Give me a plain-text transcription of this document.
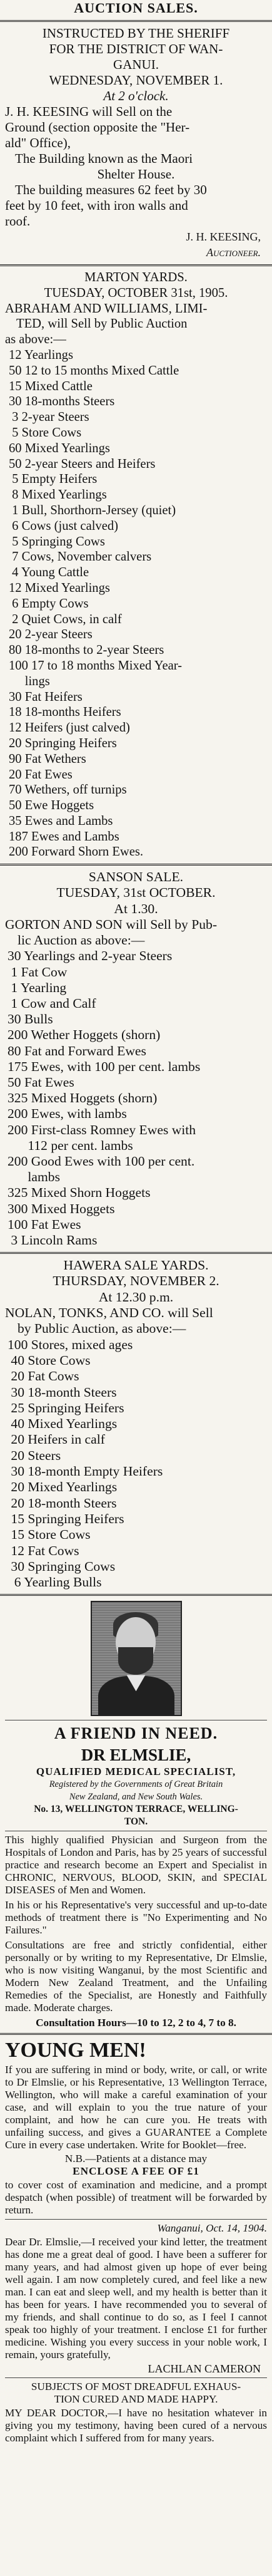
AUCTION SALES.
INSTRUCTED BY THE SHERIFF
FOR THE DISTRICT OF WAN-
GANUI.
WEDNESDAY, NOVEMBER 1.
At 2 o'clock.
J. H. KEESING will Sell on the
Ground (section opposite the "Her-
ald" Office),
The Building known as the Maori
Shelter House.
The building measures 62 feet by 30
feet by 10 feet, with iron walls and
roof.
J. H. KEESING,
Auctioneer.
MARTON YARDS.
TUESDAY, OCTOBER 31st, 1905.
ABRAHAM AND WILLIAMS, LIMI-
TED, will Sell by Public Auction
as above:—
12 Yearlings
50 12 to 15 months Mixed Cattle
15 Mixed Cattle
30 18-months Steers
3 2-year Steers
5 Store Cows
60 Mixed Yearlings
50 2-year Steers and Heifers
5 Empty Heifers
8 Mixed Yearlings
1 Bull, Shorthorn-Jersey (quiet)
6 Cows (just calved)
5 Springing Cows
7 Cows, November calvers
4 Young Cattle
12 Mixed Yearlings
6 Empty Cows
2 Quiet Cows, in calf
20 2-year Steers
80 18-months to 2-year Steers
100 17 to 18 months Mixed Year-
lings
30 Fat Heifers
18 18-months Heifers
12 Heifers (just calved)
20 Springing Heifers
90 Fat Wethers
20 Fat Ewes
70 Wethers, off turnips
50 Ewe Hoggets
35 Ewes and Lambs
187 Ewes and Lambs
200 Forward Shorn Ewes.
SANSON SALE.
TUESDAY, 31st OCTOBER.
At 1.30.
GORTON AND SON will Sell by Pub-
lic Auction as above:—
30 Yearlings and 2-year Steers
1 Fat Cow
1 Yearling
1 Cow and Calf
30 Bulls
200 Wether Hoggets (shorn)
80 Fat and Forward Ewes
175 Ewes, with 100 per cent. lambs
50 Fat Ewes
325 Mixed Hoggets (shorn)
200 Ewes, with lambs
200 First-class Romney Ewes with
112 per cent. lambs
200 Good Ewes with 100 per cent.
lambs
325 Mixed Shorn Hoggets
300 Mixed Hoggets
100 Fat Ewes
3 Lincoln Rams
HAWERA SALE YARDS.
THURSDAY, NOVEMBER 2.
At 12.30 p.m.
NOLAN, TONKS, AND CO. will Sell
by Public Auction, as above:—
100 Stores, mixed ages
40 Store Cows
20 Fat Cows
30 18-month Steers
25 Springing Heifers
40 Mixed Yearlings
20 Heifers in calf
20 Steers
30 18-month Empty Heifers
20 Mixed Yearlings
20 18-month Steers
15 Springing Heifers
15 Store Cows
12 Fat Cows
30 Springing Cows
6 Yearling Bulls
A FRIEND IN NEED.
DR ELMSLIE,
QUALIFIED MEDICAL SPECIALIST,
Registered by the Governments of Great Britain
New Zealand, and New South Wales.
No. 13, WELLINGTON TERRACE, WELLING-
TON.

This highly qualified Physician and Surgeon from the Hospitals of London and Paris, has by 25 years of successful practice and research become an Expert and Specialist in CHRONIC, NERVOUS, BLOOD, SKIN, and SPECIAL DISEASES of Men and Women.

In his or his Representative's very successful and up-to-date methods of treatment there is "No Experimenting and No Failures."

Consultations are free and strictly confidential, either personally or by writing to my Representative, Dr Elmslie, who is now visiting Wanganui, by the most Scientific and Modern New Zealand Treatment, and the Unfailing Remedies of the Specialist, are Honestly and Faithfully made. Moderate charges.

Consultation Hours—10 to 12, 2 to 4, 7 to 8.
YOUNG MEN!

If you are suffering in mind or body, write, or call, or write to Dr Elmslie, or his Representative, 13 Wellington Terrace, Wellington, who will make a careful examination of your case, and will explain to you the true nature of your complaint, and how he can cure you. He treats with unfailing success, and gives a GUARANTEE a Complete Cure in every case undertaken. Write for Booklet—free.

N.B.—Patients at a distance may
ENCLOSE A FEE OF £1

to cover cost of examination and medicine, and a prompt despatch (when possible) of treatment will be forwarded by return.

Wanganui, Oct. 14, 1904.

Dear Dr. Elmslie,—I received your kind letter, the treatment has done me a great deal of good. I have been a sufferer for many years, and had almost given up hope of ever being well again. I am now completely cured, and feel like a new man. I can eat and sleep well, and my health is better than it has been for years. I have recommended you to several of my friends, and shall continue to do so, as I feel I cannot speak too highly of your treatment. I enclose £1 for further medicine. Wishing you every success in your noble work, I remain, yours gratefully,

LACHLAN CAMERON
SUBJECTS OF MOST DREADFUL EXHAUS-
TION CURED AND MADE HAPPY.

MY DEAR DOCTOR,—I have no hesitation whatever in giving you my testimony, having been cured of a nervous complaint which I suffered from for many years.
